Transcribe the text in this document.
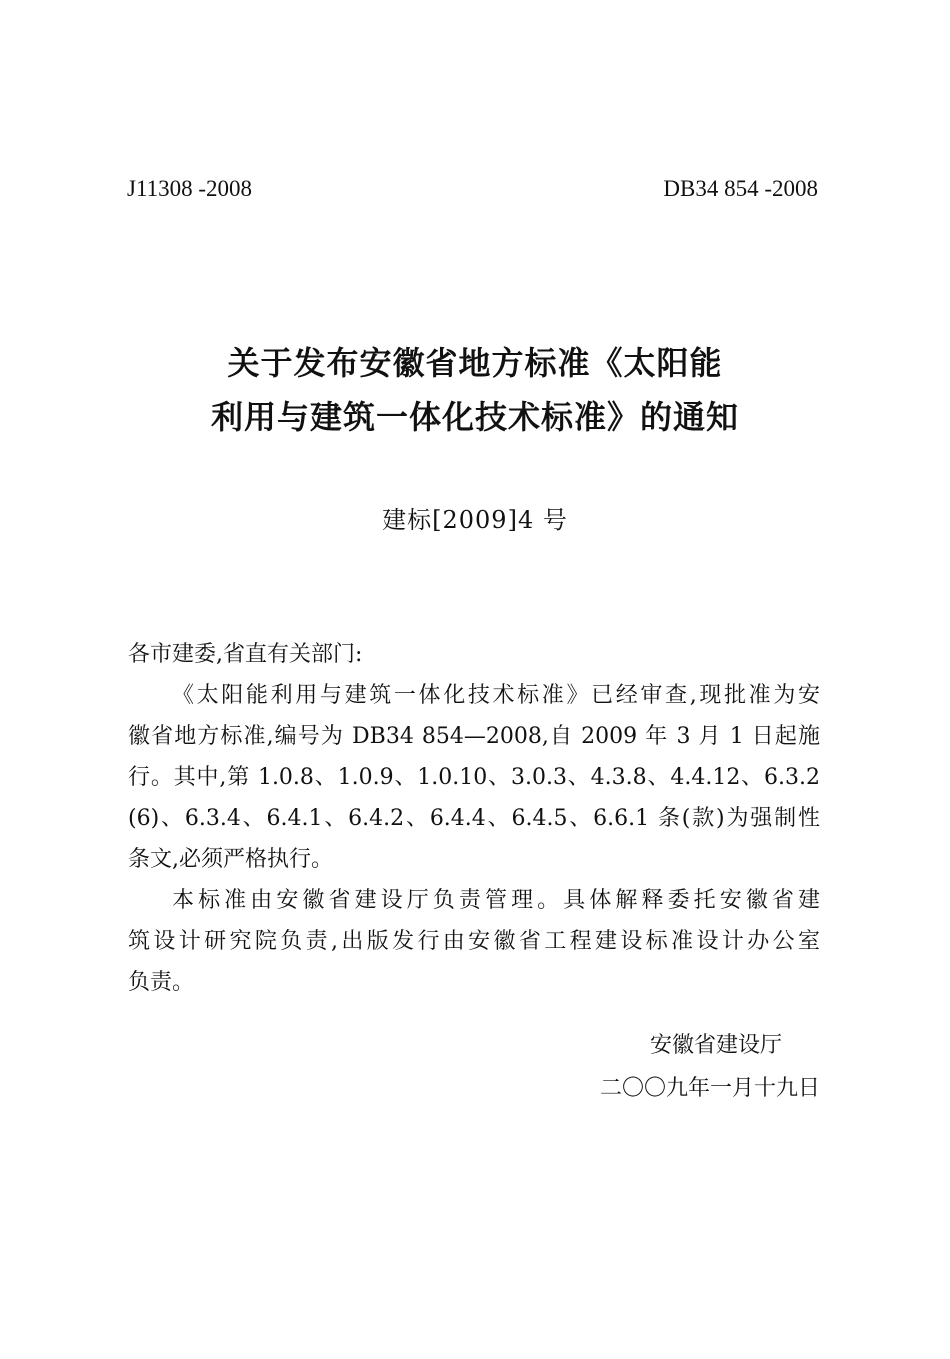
J11308 -2008	DB34 854 -2008
关于发布安徽省地方标准《太阳能
利用与建筑一体化技术标准》的通知
建标[2009]4 号

各市建委,省直有关部门:

《太阳能利用与建筑一体化技术标准》已经审查,现批准为安
徽省地方标准,编号为 DB34 854—2008,自 2009 年 3 月 1 日起施
行。其中,第 1.0.8、1.0.9、1.0.10、3.0.3、4.3.8、4.4.12、6.3.2
(6)、6.3.4、6.4.1、6.4.2、6.4.4、6.4.5、6.6.1 条(款)为强制性
条文,必须严格执行。
本标准由安徽省建设厅负责管理。具体解释委托安徽省建
筑设计研究院负责,出版发行由安徽省工程建设标准设计办公室
负责。
安徽省建设厅
二〇〇九年一月十九日
